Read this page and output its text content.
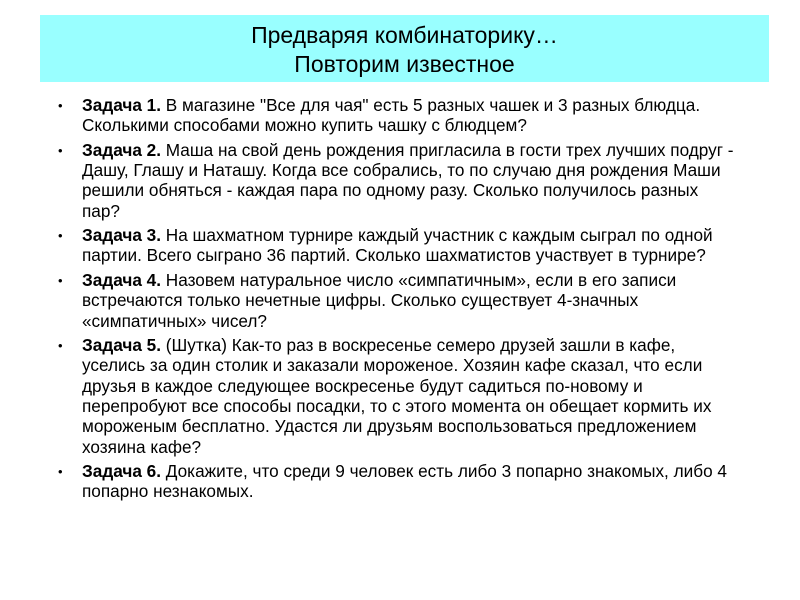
Предваряя комбинаторику…
Повторим известное
• Задача 1. В магазине "Все для чая" есть 5 разных чашек и 3 разных блюдца. Сколькими способами можно купить чашку с блюдцем?
• Задача 2. Маша на свой день рождения пригласила в гости трех лучших подруг - Дашу, Глашу и Наташу. Когда все собрались, то по случаю дня рождения Маши решили обняться - каждая пара по одному разу. Сколько получилось разных пар?
• Задача 3. На шахматном турнире каждый участник с каждым сыграл по одной партии. Всего сыграно 36 партий. Сколько шахматистов участвует в турнире?
• Задача 4. Назовем натуральное число «симпатичным», если в его записи встречаются только нечетные цифры. Сколько существует 4-значных «симпатичных» чисел?
• Задача 5. (Шутка) Как-то раз в воскресенье семеро друзей зашли в кафе, уселись за один столик и заказали мороженое. Хозяин кафе сказал, что если друзья в каждое следующее воскресенье будут садиться по-новому и перепробуют все способы посадки, то с этого момента он обещает кормить их мороженым бесплатно. Удастся ли друзьям воспользоваться предложением хозяина кафе?
• Задача 6. Докажите, что среди 9 человек есть либо 3 попарно знакомых, либо 4 попарно незнакомых.
